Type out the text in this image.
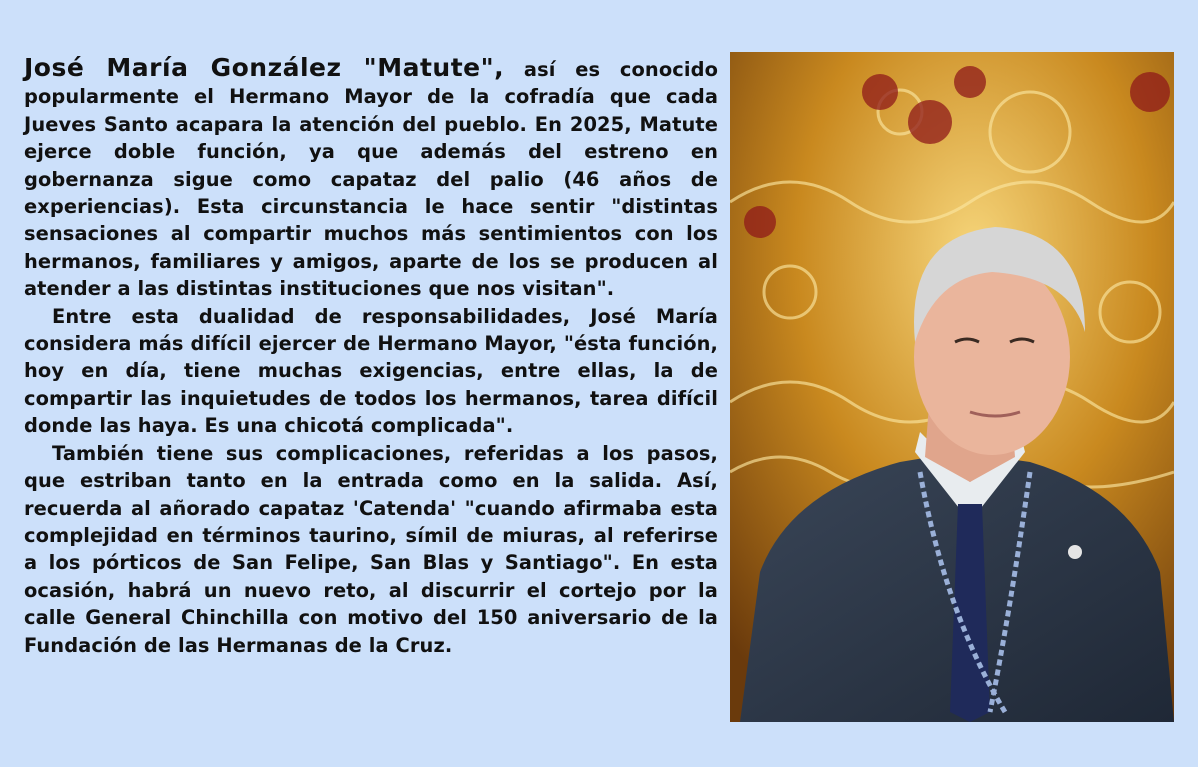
José María González "Matute", así es conocido popularmente el Hermano Mayor de la cofradía que cada Jueves Santo acapara la atención del pueblo. En 2025, Matute ejerce doble función, ya que además del estreno en gobernanza sigue como capataz del palio (46 años de experiencias). Esta circunstancia le hace sentir "distintas sensaciones al compartir muchos más sentimientos con los hermanos, familiares y amigos, aparte de los se producen al atender a las distintas instituciones que nos visitan".

Entre esta dualidad de responsabilidades, José María considera más difícil ejercer de Hermano Mayor, "ésta función, hoy en día, tiene muchas exigencias, entre ellas, la de compartir las inquietudes de todos los hermanos, tarea difícil donde las haya. Es una chicotá complicada".

También tiene sus complicaciones, referidas a los pasos, que estriban tanto en la entrada como en la salida. Así, recuerda al añorado capataz 'Catenda' "cuando afirmaba esta complejidad en términos taurino, símil de miuras, al referirse a los pórticos de San Felipe, San Blas y Santiago". En esta ocasión, habrá un nuevo reto, al discurrir el cortejo por la calle General Chinchilla con motivo del 150 aniversario de la Fundación de las Hermanas de la Cruz.
